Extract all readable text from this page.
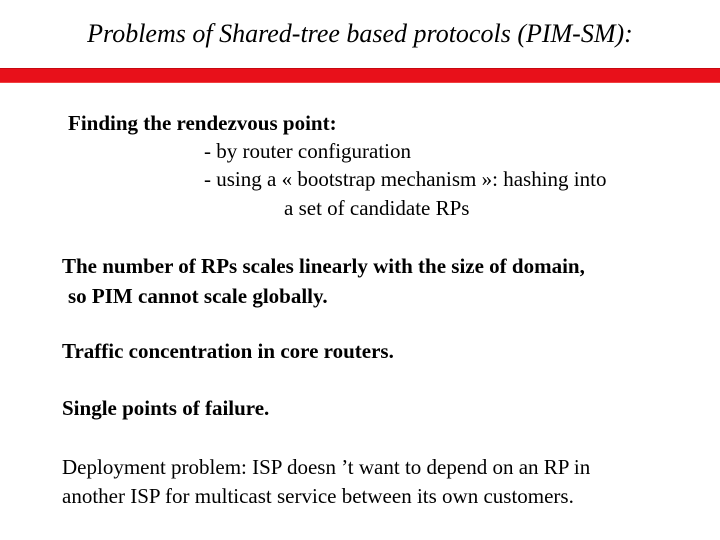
Problems of Shared-tree based protocols (PIM-SM):
Finding the rendezvous point:
- by router configuration
- using a « bootstrap mechanism »: hashing into
a set of candidate RPs
The number of RPs scales linearly with the size of domain,
so PIM cannot scale globally.
Traffic concentration in core routers.
Single points of failure.
Deployment problem: ISP doesn ’t want to depend on an RP in
another ISP for multicast service between its own customers.
